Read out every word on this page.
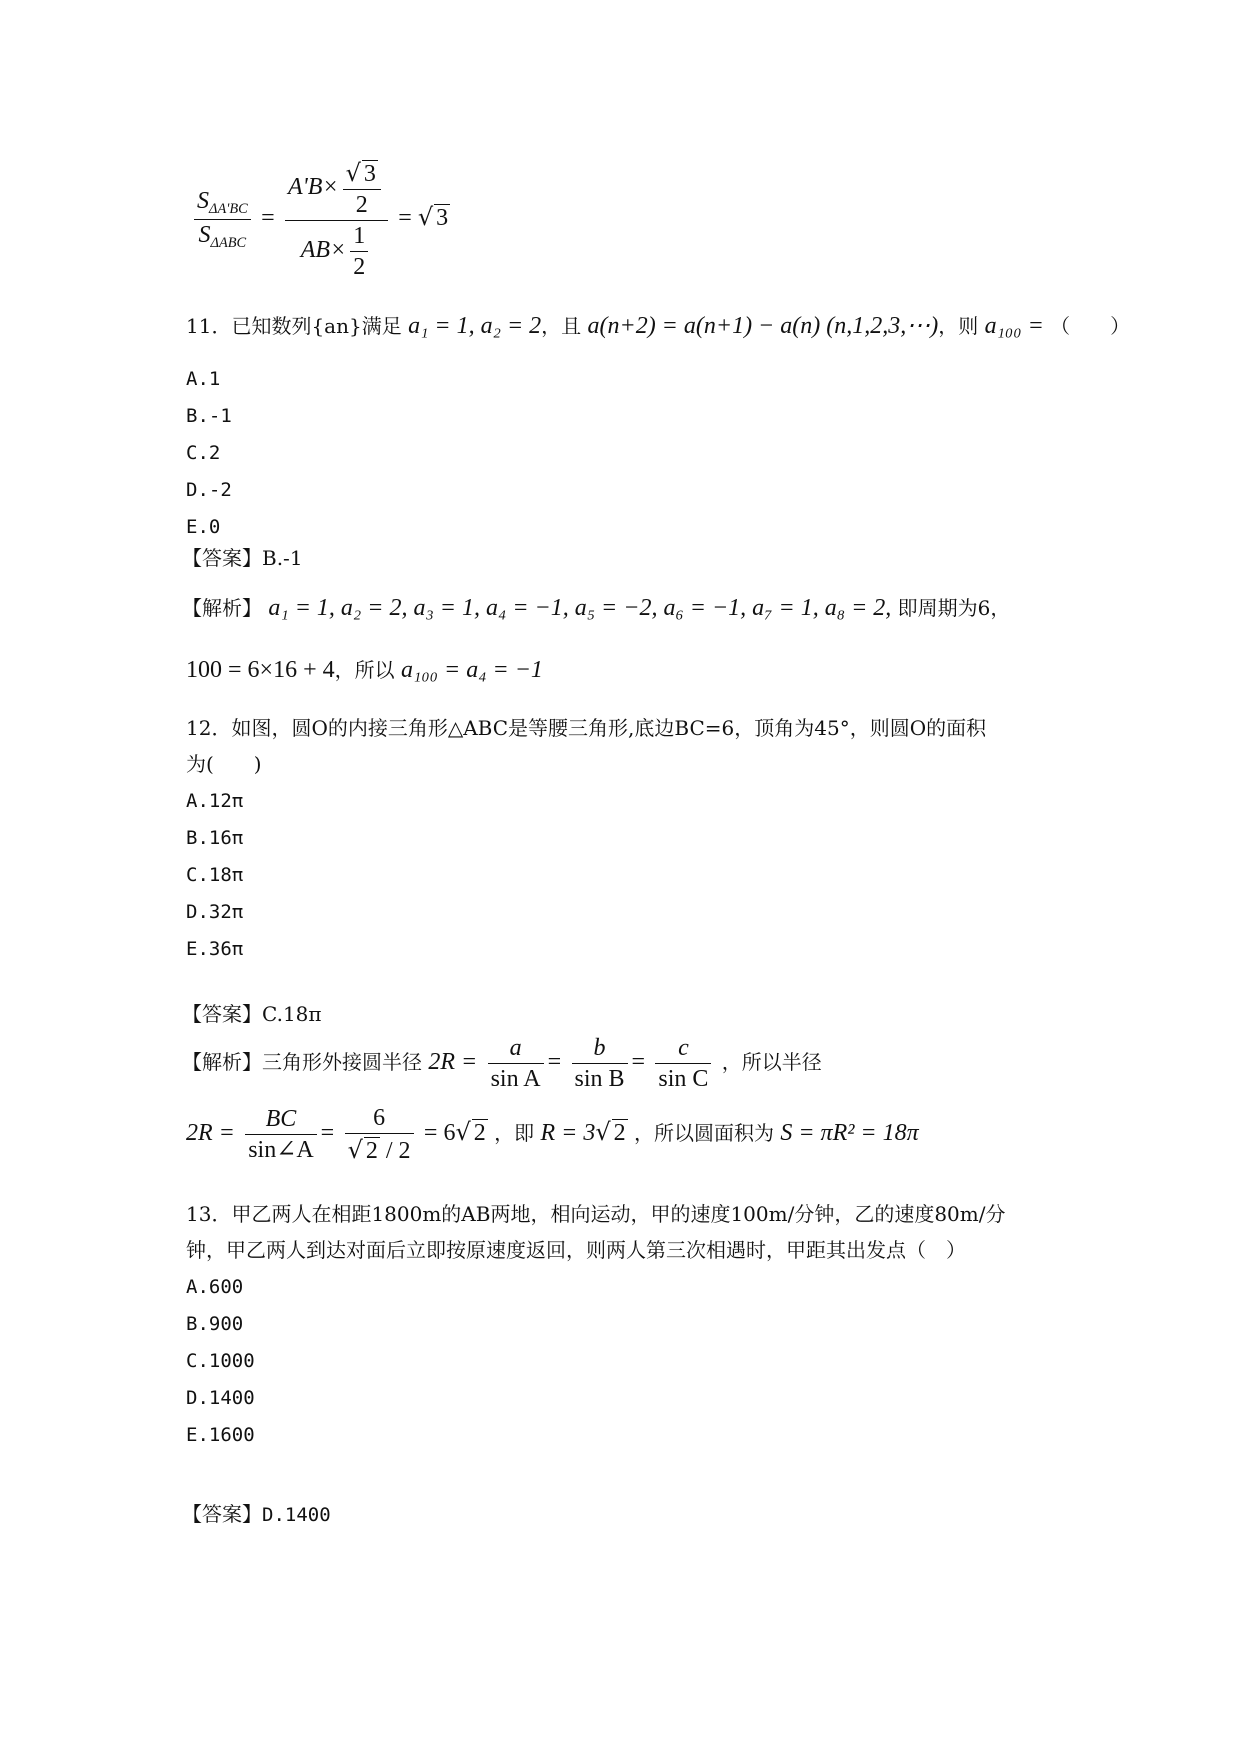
$\frac{S_{\Delta A'BC}}{S_{\Delta ABC}} = \frac{A'B\times \frac{√ 3}{2}}{AB\times \frac{1}{2}}$ = √ 3
11．已知数列{an}满足 a₁ = 1, a₂ = 2，且 a(n+2) = a(n+1) − a(n) (n,1,2,3,⋯)，则 a₁₀₀ = （　　）
A.1
B.-1
C.2
D.-2
E.0
【答案】B.-1
【解析】 a₁ = 1, a₂ = 2, a₃ = 1, a₄ = −1, a₅ = −2, a₆ = −1, a₇ = 1, a₈ = 2, 即周期为6，
100 = 6×16 + 4，所以 a₁₀₀ = a₄ = −1
12．如图，圆O的内接三角形△ABC是等腰三角形,底边BC=6，顶角为45°，则圆O的面积
为(　　)
A.12π
B.16π
C.18π
D.32π
E.36π
【答案】C.18π
【解析】三角形外接圆半径 $2R = \frac{a}{\text{sin A}} = \frac{b}{\text{sin B}} = \frac{c}{\text{sin C}}$ ，所以半径
$2R = \frac{BC}{\sin\angle A} = \frac{6}{√ 2 / 2} = 6√$ 2 ，即 R = 3√ 2 ，所以圆面积为 S = πR² = 18π
13．甲乙两人在相距1800m的AB两地，相向运动，甲的速度100m/分钟，乙的速度80m/分
钟，甲乙两人到达对面后立即按原速度返回，则两人第三次相遇时，甲距其出发点（　）
A.600
B.900
C.1000
D.1400
E.1600
【答案】D.1400
